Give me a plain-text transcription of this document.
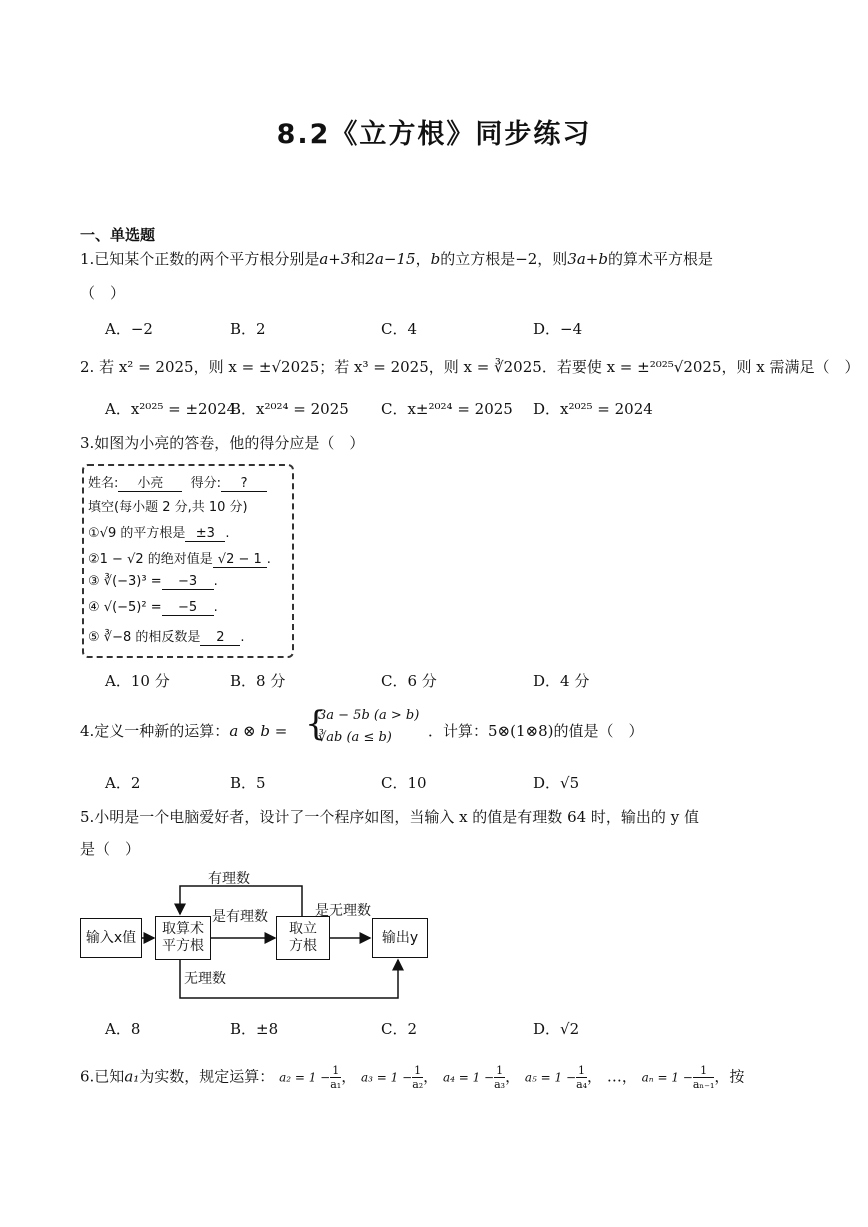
8.2《立方根》同步练习
一、单选题
1.已知某个正数的两个平方根分别是a+3和2a−15，b的立方根是−2，则3a+b的算术平方根是
（　）
A．−2	B．2	C．4	D．−4
2. 若 x² = 2025，则 x = ±√2025；若 x³ = 2025，则 x = ∛2025．若要使 x = ±²⁰²⁵√2025，则 x 需满足（　）
A．x²⁰²⁵ = ±2024
B．x²⁰²⁴ = 2025 C．x±²⁰²⁴ = 2025 D．x²⁰²⁵ = 2024
3.如图为小亮的答卷，他的得分应是（　）
姓名: 小亮 得分: ?
填空(每小题 2 分,共 10 分)
①√9 的平方根是 ±3 .
②1 − √2 的绝对值是 √2 − 1 .
③ ∛(−3)³ = −3 .
④ √(−5)² = −5 .
⑤ ∛−8 的相反数是 2 .
A．10 分	B．8 分	C．6 分	D．4 分
4.定义一种新的运算：a ⊗ b = {
3a − 5b (a > b)
∛ab (a ≤ b) ．计算：5⊗(1⊗8)的值是（　）
A．2	B．5	C．10	D．√5
5.小明是一个电脑爱好者，设计了一个程序如图，当输入 x 的值是有理数 64 时，输出的 y 值
是（　）
输入x值
取算术
平方根
取立
方根
输出y
有理数
是有理数	是无理数
无理数
A．8	B．±8	C．2	D．√2
6.已知a₁为实数，规定运算： $a_2 = 1 - \frac{1}{\text{a₁}}$ ， $a_3 = 1 - \frac{1}{\text{a₂}}$ ， $a_4 = 1 - \frac{1}{\text{a₃}}$ ， $a_5 = 1 - \frac{1}{\text{a₄}}$ ， …， $a_n = 1 - \frac{1}{\text{aₙ₋₁}}$ ，按
